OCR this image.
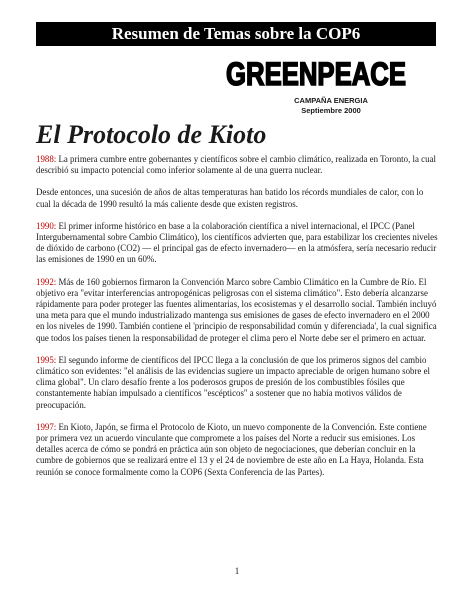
Resumen de Temas sobre la COP6
GREENPEACE
CAMPAÑA ENERGIA
Septiembre 2000
El Protocolo de Kioto

1988: La primera cumbre entre gobernantes y científicos sobre el cambio climático, realizada en Toronto, la cual describió su impacto potencial como inferior solamente al de una guerra nuclear.

Desde entonces, una sucesión de años de altas temperaturas han batido los récords mundiales de calor, con lo cual la década de 1990 resultó la más caliente desde que existen registros.

1990: El primer informe histórico en base a la colaboración científica a nivel internacional, el IPCC (Panel Intergubernamental sobre Cambio Climático), los científicos advierten que, para estabilizar los crecientes niveles de dióxido de carbono (CO2) — el principal gas de efecto invernadero— en la atmósfera, sería necesario reducir las emisiones de 1990 en un 60%.

1992: Más de 160 gobiernos firmaron la Convención Marco sobre Cambio Climático en la Cumbre de Río. El objetivo era "evitar interferencias antropogénicas peligrosas con el sistema climático". Esto debería alcanzarse rápidamente para poder proteger las fuentes alimentarias, los ecosistemas y el desarrollo social. También incluyó una meta para que el mundo industrializado mantenga sus emisiones de gases de efecto invernadero en el 2000 en los niveles de 1990. También contiene el 'principio de responsabilidad común y diferenciada', la cual significa que todos los países tienen la responsabilidad de proteger el clima pero el Norte debe ser el primero en actuar.

1995: El segundo informe de científicos del IPCC llega a la conclusión de que los primeros signos del cambio climático son evidentes: "el análisis de las evidencias sugiere un impacto apreciable de origen humano sobre el clima global". Un claro desafío frente a los poderosos grupos de presión de los combustibles fósiles que constantemente habían impulsado a científicos "escépticos" a sostener que no había motivos válidos de preocupación.

1997: En Kioto, Japón, se firma el Protocolo de Kioto, un nuevo componente de la Convención. Este contiene por primera vez un acuerdo vinculante que compromete a los países del Norte a reducir sus emisiones. Los detalles acerca de cómo se pondrá en práctica aún son objeto de negociaciones, que deberían concluir en la cumbre de gobiernos que se realizará entre el 13 y el 24 de noviembre de este año en La Haya, Holanda. Esta reunión se conoce formalmente como la COP6 (Sexta Conferencia de las Partes).

1
